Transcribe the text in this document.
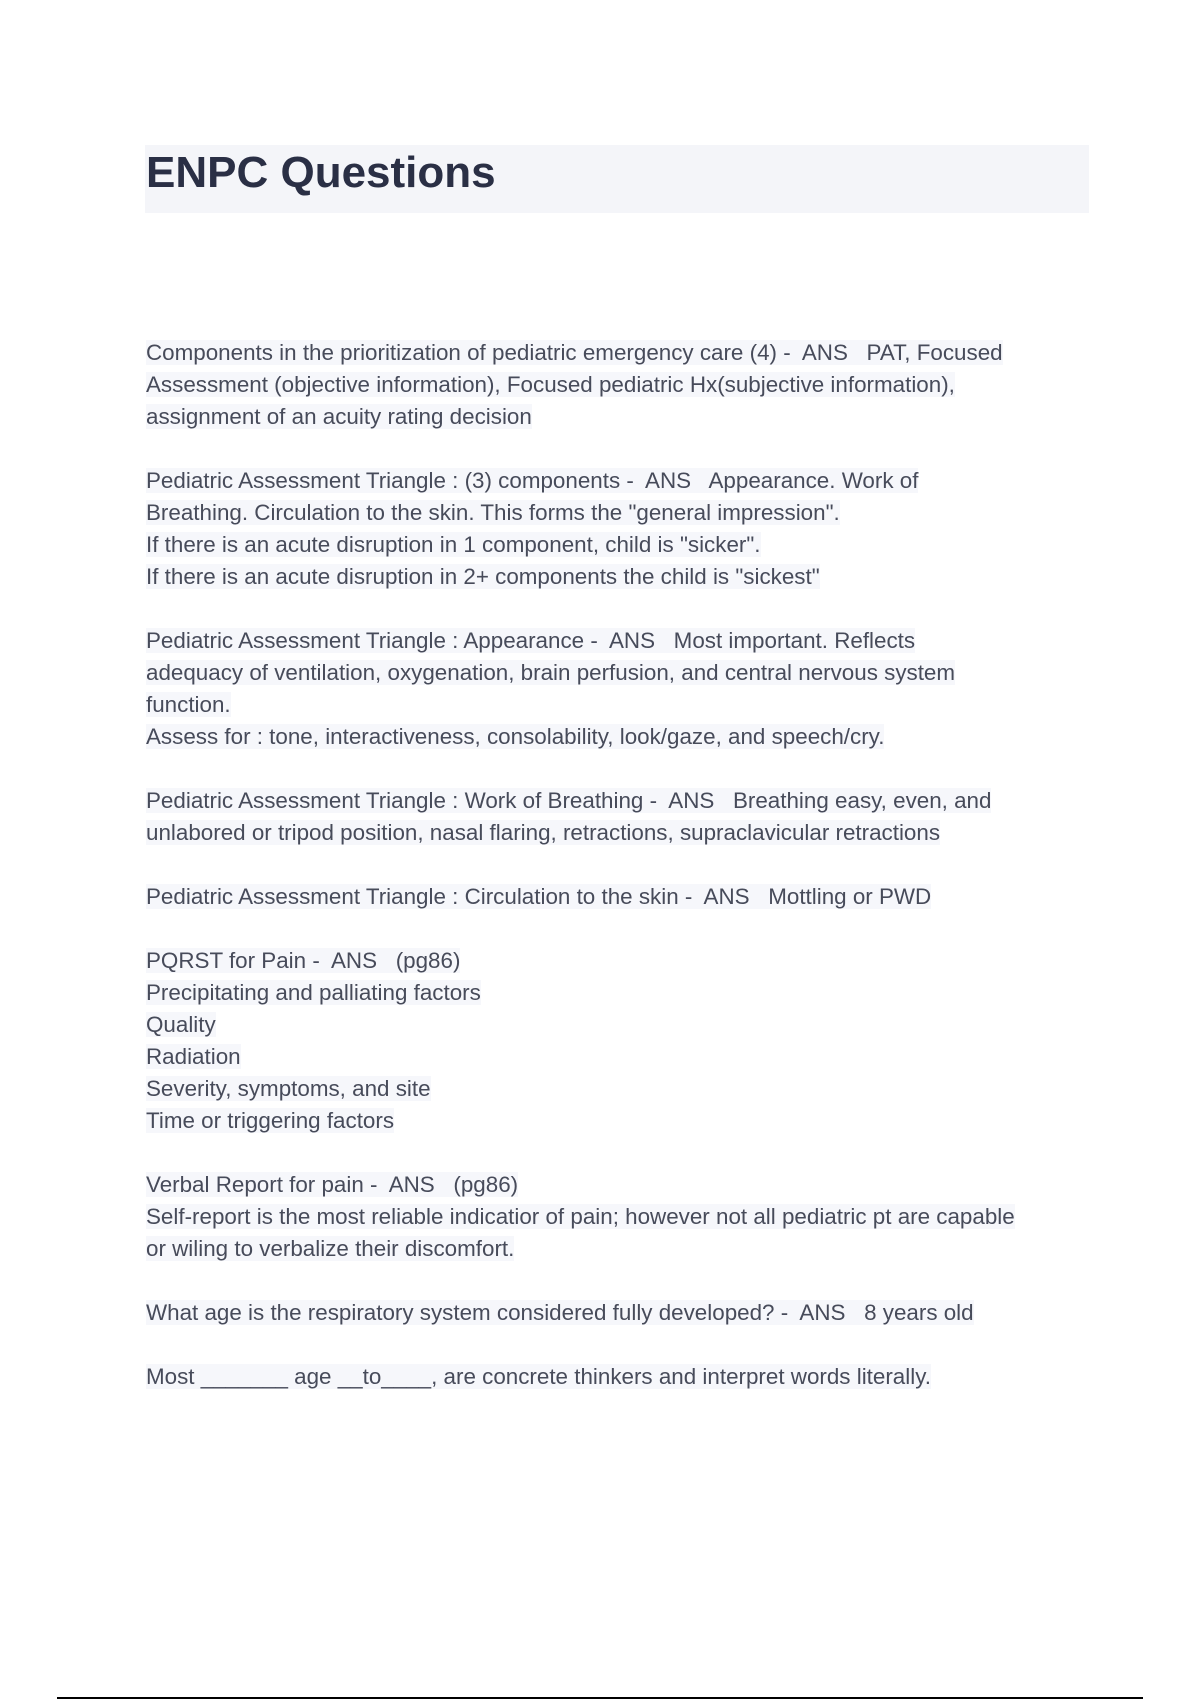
ENPC Questions
Components in the prioritization of pediatric emergency care (4) -  ANS   PAT, Focused
Assessment (objective information), Focused pediatric Hx(subjective information),
assignment of an acuity rating decision
Pediatric Assessment Triangle : (3) components -  ANS   Appearance. Work of
Breathing. Circulation to the skin. This forms the "general impression".
If there is an acute disruption in 1 component, child is "sicker".
If there is an acute disruption in 2+ components the child is "sickest"
Pediatric Assessment Triangle : Appearance -  ANS   Most important. Reflects
adequacy of ventilation, oxygenation, brain perfusion, and central nervous system
function.
Assess for : tone, interactiveness, consolability, look/gaze, and speech/cry.
Pediatric Assessment Triangle : Work of Breathing -  ANS   Breathing easy, even, and
unlabored or tripod position, nasal flaring, retractions, supraclavicular retractions
Pediatric Assessment Triangle : Circulation to the skin -  ANS   Mottling or PWD
PQRST for Pain -  ANS   (pg86)
Precipitating and palliating factors
Quality
Radiation
Severity, symptoms, and site
Time or triggering factors
Verbal Report for pain -  ANS   (pg86)
Self-report is the most reliable indicatior of pain; however not all pediatric pt are capable
or wiling to verbalize their discomfort.
What age is the respiratory system considered fully developed? -  ANS   8 years old
Most _______ age __to____, are concrete thinkers and interpret words literally.
